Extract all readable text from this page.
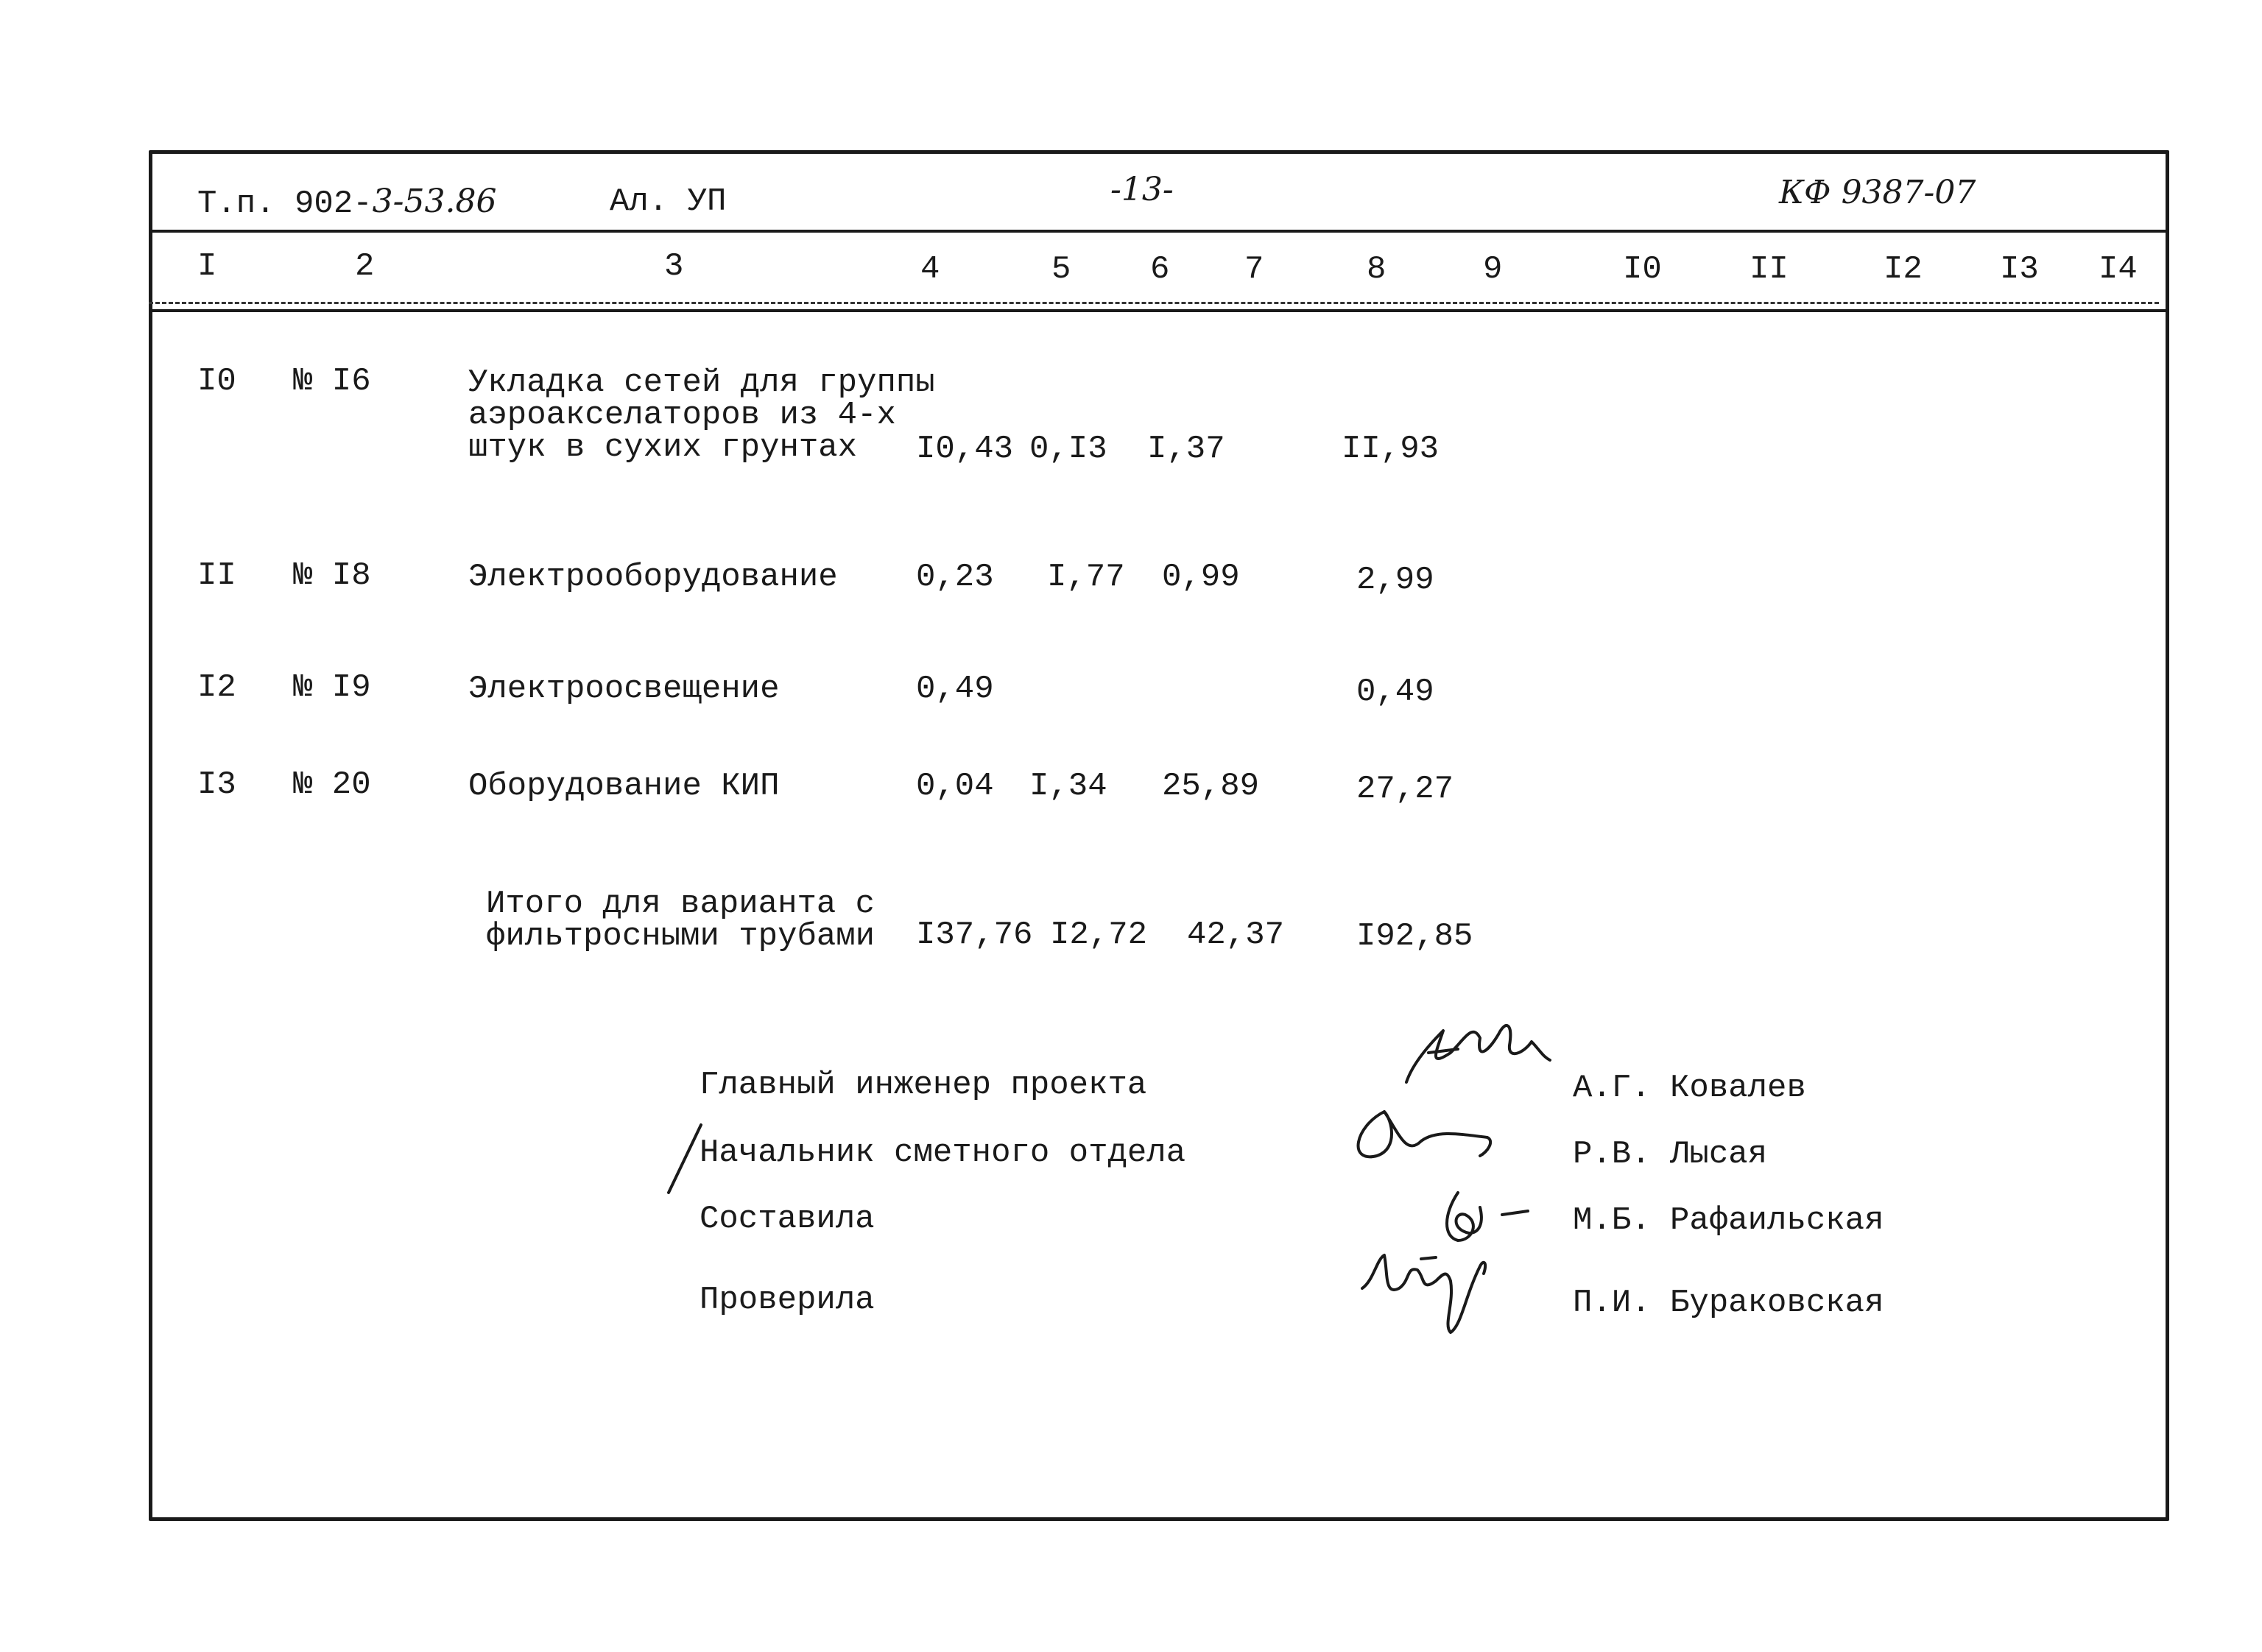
Т.п. 902-3-53.86	Ал. УП	-13-	КФ 9387-07
I	2	3	4	5 6 7	8	9	I0	II	I2 I3 I4
I0 № I6	Укладка сетей для группы
аэроаксeлаторов из 4-х
штук в сухих грунтах I0,43 0,I3 I,37	II,93
II № I8	Электрооборудование 0,23 I,77 0,99	2,99
I2 № I9	Электроосвещение	0,49	0,49
I3 № 20	Оборудование КИП	0,04 I,34 25,89	27,27
Итого для варианта с
фильтросными трубами I37,76 I2,72 42,37 I92,85
Главный инженер проекта	А.Г. Ковалев
Начальник сметного отдела	Р.В. Лысая
Составила	М.Б. Рафаильская
Проверила	П.И. Бураковская
